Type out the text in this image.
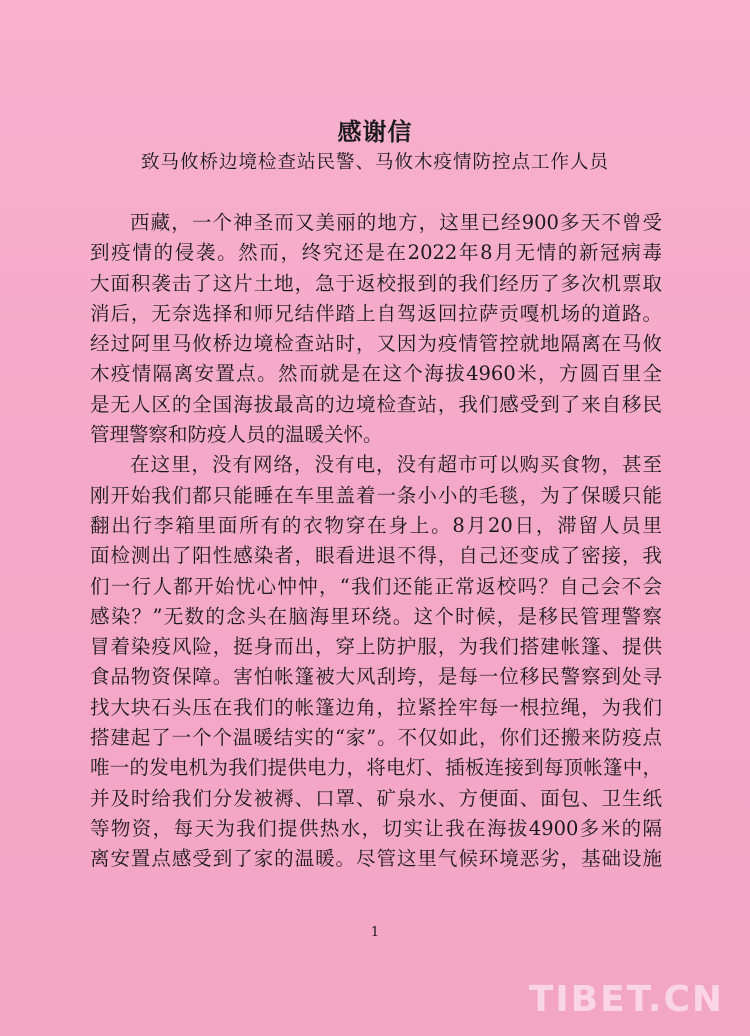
感谢信
致马攸桥边境检查站民警、马攸木疫情防控点工作人员
西藏，一个神圣而又美丽的地方，这里已经900多天不曾受
到疫情的侵袭。然而，终究还是在2022年8月无情的新冠病毒
大面积袭击了这片土地，急于返校报到的我们经历了多次机票取
消后，无奈选择和师兄结伴踏上自驾返回拉萨贡嘎机场的道路。
经过阿里马攸桥边境检查站时，又因为疫情管控就地隔离在马攸
木疫情隔离安置点。然而就是在这个海拔4960米，方圆百里全
是无人区的全国海拔最高的边境检查站，我们感受到了来自移民
管理警察和防疫人员的温暖关怀。
在这里，没有网络，没有电，没有超市可以购买食物，甚至
刚开始我们都只能睡在车里盖着一条小小的毛毯，为了保暖只能
翻出行李箱里面所有的衣物穿在身上。8月20日，滞留人员里
面检测出了阳性感染者，眼看进退不得，自己还变成了密接，我
们一行人都开始忧心忡忡，“我们还能正常返校吗？自己会不会
感染？”无数的念头在脑海里环绕。这个时候，是移民管理警察
冒着染疫风险，挺身而出，穿上防护服，为我们搭建帐篷、提供
食品物资保障。害怕帐篷被大风刮垮，是每一位移民警察到处寻
找大块石头压在我们的帐篷边角，拉紧拴牢每一根拉绳，为我们
搭建起了一个个温暖结实的“家”。不仅如此，你们还搬来防疫点
唯一的发电机为我们提供电力，将电灯、插板连接到每顶帐篷中，
并及时给我们分发被褥、口罩、矿泉水、方便面、面包、卫生纸
等物资，每天为我们提供热水，切实让我在海拔4900多米的隔
离安置点感受到了家的温暖。尽管这里气候环境恶劣，基础设施
1
TIBET.CN
